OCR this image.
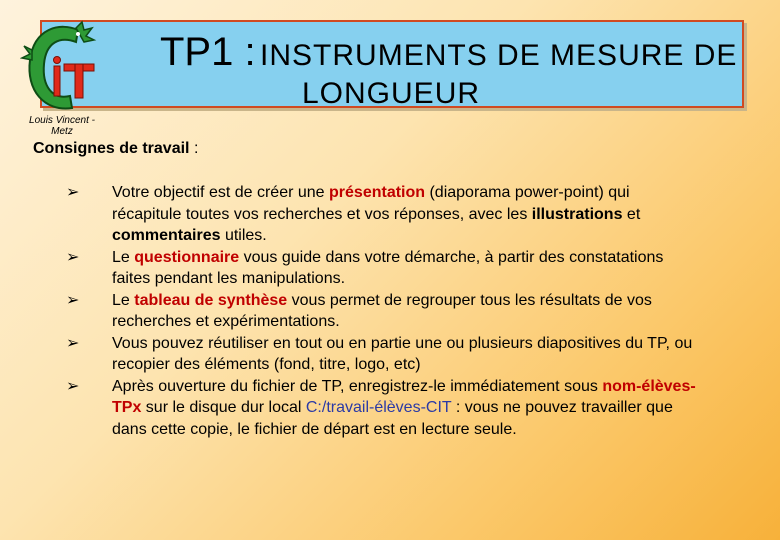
TP1 : INSTRUMENTS DE MESURE DE
LONGUEUR
Louis Vincent -
Metz
Consignes de travail :
➢ Votre objectif est de créer une présentation (diaporama power-point) qui récapitule toutes vos recherches et vos réponses, avec les illustrations et commentaires utiles.
➢ Le questionnaire vous guide dans votre démarche, à partir des constatations faites pendant les manipulations.
➢ Le tableau de synthèse vous permet de regrouper tous les résultats de vos recherches et expérimentations.
➢ Vous pouvez réutiliser en tout ou en partie une ou plusieurs diapositives du TP, ou recopier des éléments (fond, titre, logo, etc)
➢ Après ouverture du fichier de TP, enregistrez-le immédiatement sous nom-élèves-TPx sur le disque dur local C:/travail-élèves-CIT : vous ne pouvez travailler que dans cette copie, le fichier de départ est en lecture seule.
